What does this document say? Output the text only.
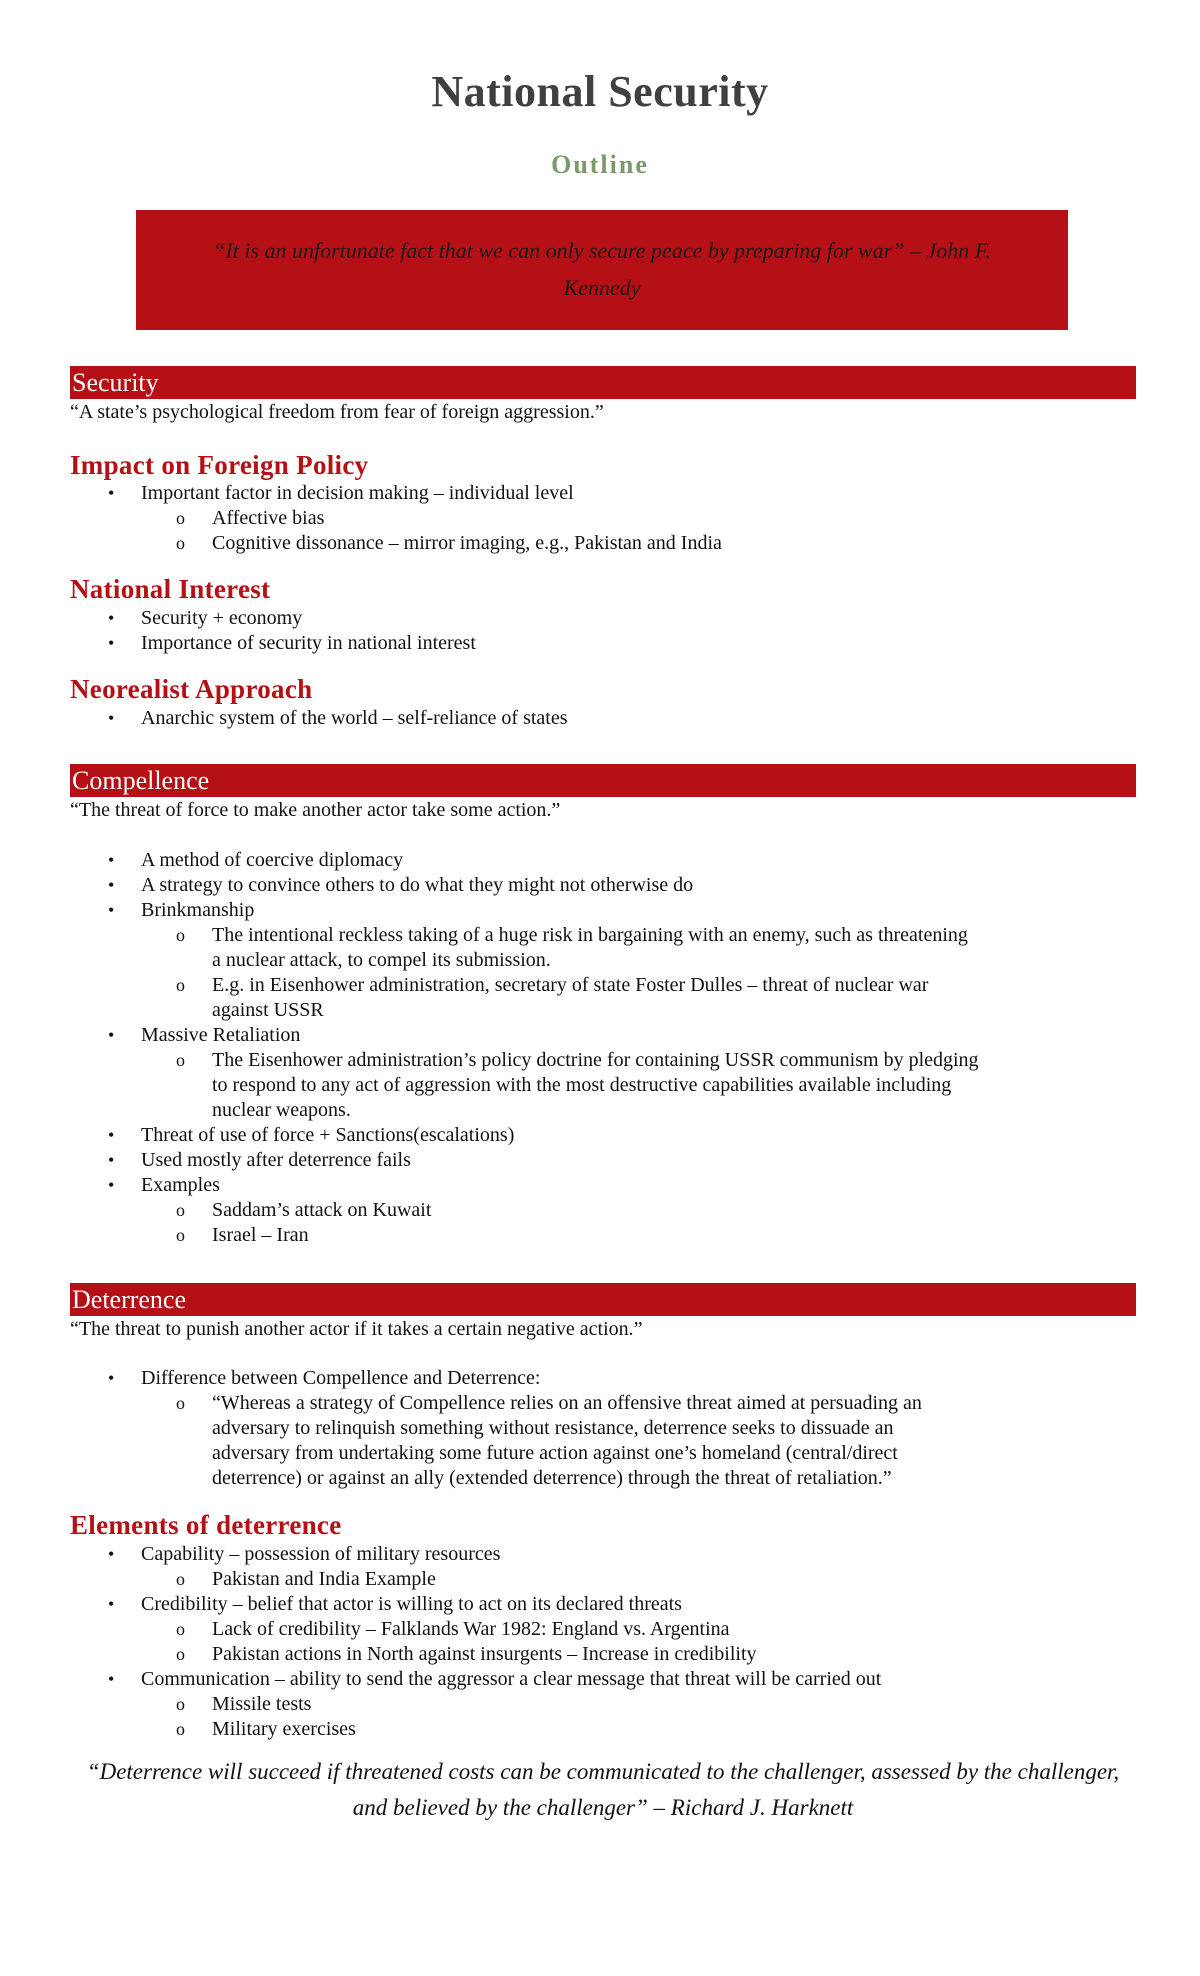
National Security
Outline
“It is an unfortunate fact that we can only secure peace by preparing for war” – John F. Kennedy
Security
“A state’s psychological freedom from fear of foreign aggression.”
Impact on Foreign Policy
• Important factor in decision making – individual level
o Affective bias
o Cognitive dissonance – mirror imaging, e.g., Pakistan and India
National Interest
• Security + economy
• Importance of security in national interest
Neorealist Approach
• Anarchic system of the world – self-reliance of states
Compellence
“The threat of force to make another actor take some action.”
• A method of coercive diplomacy
• A strategy to convince others to do what they might not otherwise do
• Brinkmanship
o The intentional reckless taking of a huge risk in bargaining with an enemy, such as threatening
a nuclear attack, to compel its submission.
o E.g. in Eisenhower administration, secretary of state Foster Dulles – threat of nuclear war
against USSR
• Massive Retaliation
o The Eisenhower administration’s policy doctrine for containing USSR communism by pledging
to respond to any act of aggression with the most destructive capabilities available including
nuclear weapons.
• Threat of use of force + Sanctions(escalations)
• Used mostly after deterrence fails
• Examples
o Saddam’s attack on Kuwait
o Israel – Iran
Deterrence
“The threat to punish another actor if it takes a certain negative action.”
• Difference between Compellence and Deterrence:
o “Whereas a strategy of Compellence relies on an offensive threat aimed at persuading an
adversary to relinquish something without resistance, deterrence seeks to dissuade an
adversary from undertaking some future action against one’s homeland (central/direct
deterrence) or against an ally (extended deterrence) through the threat of retaliation.”
Elements of deterrence
• Capability – possession of military resources
o Pakistan and India Example
• Credibility – belief that actor is willing to act on its declared threats
o Lack of credibility – Falklands War 1982: England vs. Argentina
o Pakistan actions in North against insurgents – Increase in credibility
• Communication – ability to send the aggressor a clear message that threat will be carried out
o Missile tests
o Military exercises
“Deterrence will succeed if threatened costs can be communicated to the challenger, assessed by the challenger, and believed by the challenger” – Richard J. Harknett
